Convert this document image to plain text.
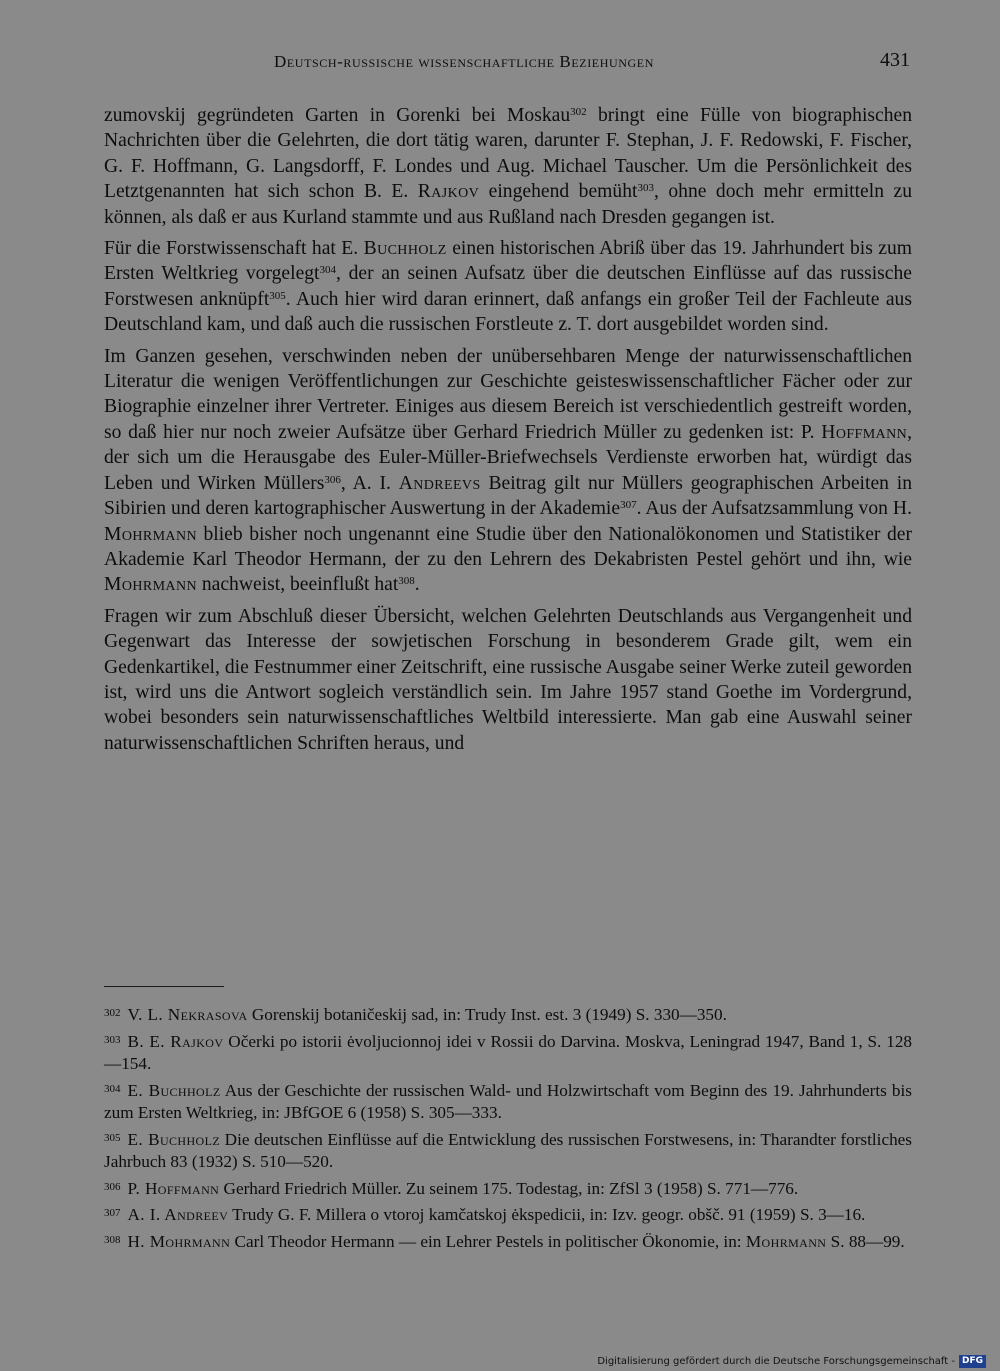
Deutsch-russische wissenschaftliche Beziehungen	431

zumovskij gegründeten Garten in Gorenki bei Moskau$^{302}$ bringt eine Fülle von biographischen Nachrichten über die Gelehrten, die dort tätig waren, darunter F. Stephan, J. F. Redowski, F. Fischer, G. F. Hoffmann, G. Langsdorff, F. Londes und Aug. Michael Tauscher. Um die Persönlichkeit des Letztgenannten hat sich schon B. E. Rajkov eingehend bemüht$^{303}$, ohne doch mehr ermitteln zu können, als daß er aus Kurland stammte und aus Rußland nach Dresden gegangen ist.

Für die Forstwissenschaft hat E. Buchholz einen historischen Abriß über das 19. Jahrhundert bis zum Ersten Weltkrieg vorgelegt$^{304}$, der an seinen Aufsatz über die deutschen Einflüsse auf das russische Forstwesen anknüpft$^{305}$. Auch hier wird daran erinnert, daß anfangs ein großer Teil der Fachleute aus Deutschland kam, und daß auch die russischen Forstleute z. T. dort ausgebildet worden sind.

Im Ganzen gesehen, verschwinden neben der unübersehbaren Menge der naturwissenschaftlichen Literatur die wenigen Veröffentlichungen zur Geschichte geisteswissenschaftlicher Fächer oder zur Biographie einzelner ihrer Vertreter. Einiges aus diesem Bereich ist verschiedentlich gestreift worden, so daß hier nur noch zweier Aufsätze über Gerhard Friedrich Müller zu gedenken ist: P. Hoffmann, der sich um die Herausgabe des Euler-Müller-Briefwechsels Verdienste erworben hat, würdigt das Leben und Wirken Müllers$^{306}$, A. I. Andreevs Beitrag gilt nur Müllers geographischen Arbeiten in Sibirien und deren kartographischer Auswertung in der Akademie$^{307}$. Aus der Aufsatzsammlung von H. Mohrmann blieb bisher noch ungenannt eine Studie über den Nationalökonomen und Statistiker der Akademie Karl Theodor Hermann, der zu den Lehrern des Dekabristen Pestel gehört und ihn, wie Mohrmann nachweist, beeinflußt hat$^{308}$.

Fragen wir zum Abschluß dieser Übersicht, welchen Gelehrten Deutschlands aus Vergangenheit und Gegenwart das Interesse der sowjetischen Forschung in besonderem Grade gilt, wem ein Gedenkartikel, die Festnummer einer Zeitschrift, eine russische Ausgabe seiner Werke zuteil geworden ist, wird uns die Antwort sogleich verständlich sein. Im Jahre 1957 stand Goethe im Vordergrund, wobei besonders sein naturwissenschaftliches Weltbild interessierte. Man gab eine Auswahl seiner naturwissenschaftlichen Schriften heraus, und

$^{302}$ V. L. Nekrasova Gorenskij botaničeskij sad, in: Trudy Inst. est. 3 (1949) S. 330—350.
$^{303}$ B. E. Rajkov Očerki po istorii ėvoljucionnoj idei v Rossii do Darvina. Moskva, Leningrad 1947, Band 1, S. 128—154.
$^{304}$ E. Buchholz Aus der Geschichte der russischen Wald- und Holzwirtschaft vom Beginn des 19. Jahrhunderts bis zum Ersten Weltkrieg, in: JBfGOE 6 (1958) S. 305—333.
$^{305}$ E. Buchholz Die deutschen Einflüsse auf die Entwicklung des russischen Forstwesens, in: Tharandter forstliches Jahrbuch 83 (1932) S. 510—520.
$^{306}$ P. Hoffmann Gerhard Friedrich Müller. Zu seinem 175. Todestag, in: ZfSl 3 (1958) S. 771—776.
$^{307}$ A. I. Andreev Trudy G. F. Millera o vtoroj kamčatskoj ėkspedicii, in: Izv. geogr. obšč. 91 (1959) S. 3—16.
$^{308}$ H. Mohrmann Carl Theodor Hermann — ein Lehrer Pestels in politischer Ökonomie, in: Mohrmann S. 88—99.
Digitalisierung gefördert durch die Deutsche Forschungsgemeinschaft - DFG
